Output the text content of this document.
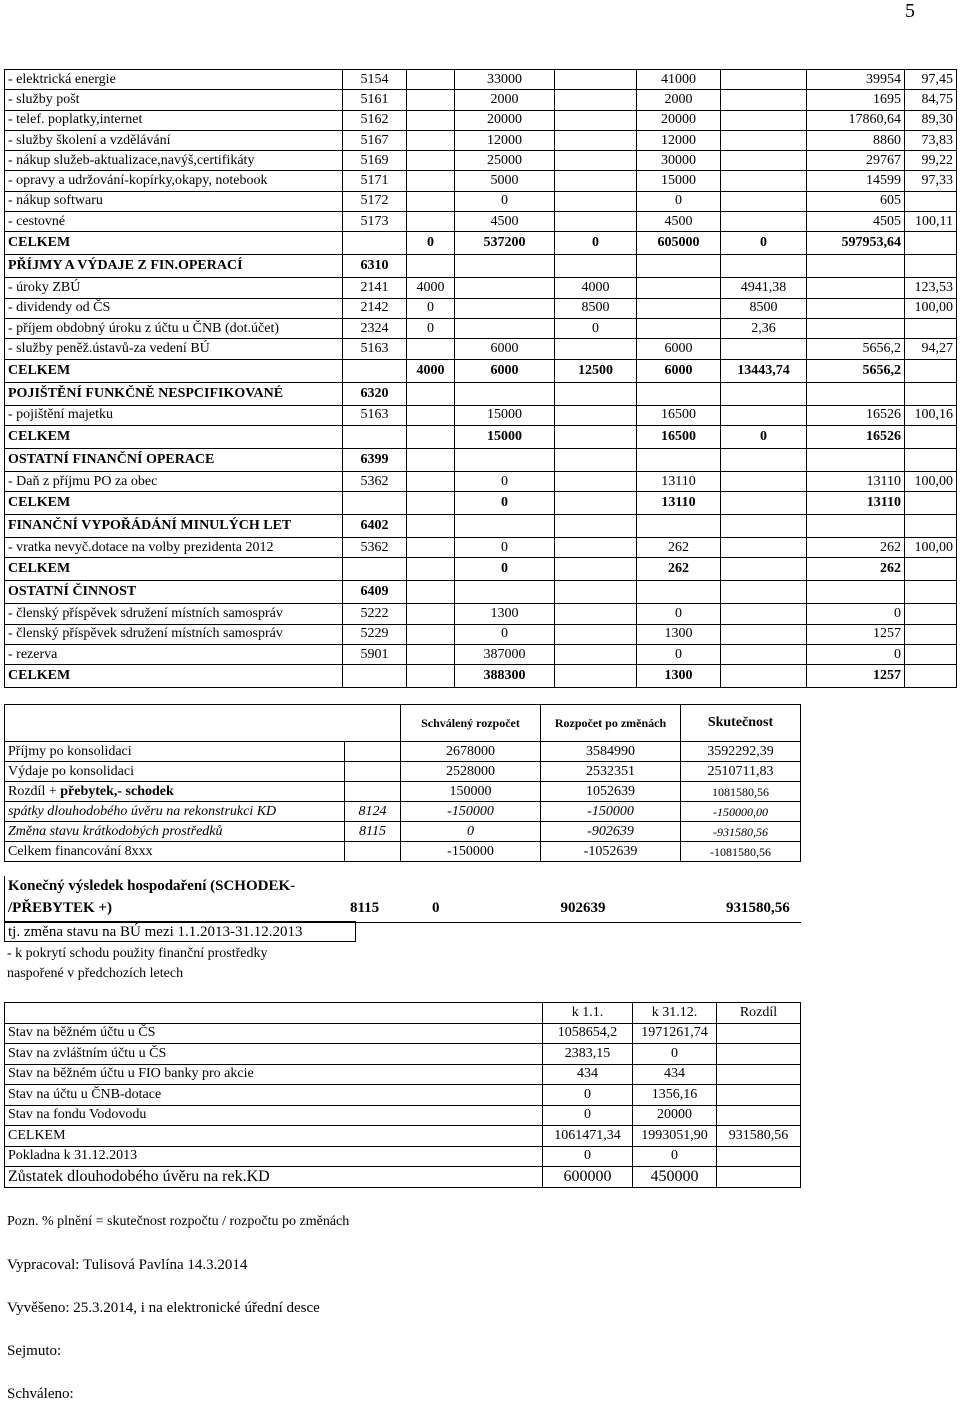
5
- elektrická energie	5154		33000		41000		39954	97,45
- služby pošt	5161		2000		2000		1695	84,75
- telef. poplatky,internet	5162		20000		20000		17860,64	89,30
- služby školení a vzdělávání	5167		12000		12000		8860	73,83
- nákup služeb-aktualizace,navýš,certifikáty	5169		25000		30000		29767	99,22
- opravy a udržování-kopírky,okapy, notebook	5171		5000		15000		14599	97,33
- nákup softwaru	5172		0		0		605	
- cestovné	5173		4500		4500		4505	100,11
CELKEM		0	537200	0	605000	0	597953,64	
PŘÍJMY A VÝDAJE Z FIN.OPERACÍ	6310							
- úroky ZBÚ	2141	4000		4000		4941,38		123,53
- dividendy od ČS	2142	0		8500		8500		100,00
- příjem obdobný úroku z účtu u ČNB (dot.účet)	2324	0		0		2,36		
- služby peněž.ústavů-za vedení BÚ	5163		6000		6000		5656,2	94,27
CELKEM		4000	6000	12500	6000	13443,74	5656,2	
POJIŠTĚNÍ FUNKČNĚ NESPCIFIKOVANÉ	6320							
- pojištění majetku	5163		15000		16500		16526	100,16
CELKEM			15000		16500	0	16526	
OSTATNÍ FINANČNÍ OPERACE	6399							
- Daň z příjmu PO za obec	5362		0		13110		13110	100,00
CELKEM			0		13110		13110	
FINANČNÍ VYPOŘÁDÁNÍ MINULÝCH LET	6402							
- vratka nevyč.dotace na volby prezidenta 2012	5362		0		262		262	100,00
CELKEM			0		262		262	
OSTATNÍ ČINNOST	6409							
- členský příspěvek sdružení místních samospráv	5222		1300		0		0	
- členský příspěvek sdružení místních samospráv	5229		0		1300		1257	
- rezerva	5901		387000		0		0	
CELKEM			388300		1300		1257	
		Schválený rozpočet	Rozpočet po změnách	Skutečnost
Příjmy po konsolidaci		2678000	3584990	3592292,39
Výdaje po konsolidaci		2528000	2532351	2510711,83
Rozdíl + přebytek,- schodek		150000	1052639	1081580,56
spátky dlouhodobého úvěru na rekonstrukci KD	8124	-150000	-150000	-150000,00
Změna stavu krátkodobých prostředků	8115	0	-902639	-931580,56
Celkem financování 8xxx		-150000	-1052639	-1081580,56
Konečný výsledek hospodaření (SCHODEK-
/PŘEBYTEK +)	8115	0	902639	931580,56
tj. změna stavu na BÚ mezi 1.1.2013-31.12.2013
- k pokrytí schodu použity finanční prostředky
naspořené v předchozích letech
	k 1.1.	k 31.12.	Rozdíl
Stav na běžném účtu u ČS	1058654,2	1971261,74	
Stav na zvláštním účtu u ČS	2383,15	0	
Stav na běžném účtu u FIO banky pro akcie	434	434	
Stav na účtu u ČNB-dotace	0	1356,16	
Stav na fondu Vodovodu	0	20000	
CELKEM	1061471,34	1993051,90	931580,56
Pokladna k 31.12.2013	0	0	
Zůstatek dlouhodobého úvěru na rek.KD	600000	450000	
Pozn. % plnění = skutečnost rozpočtu / rozpočtu po změnách
Vypracoval: Tulisová Pavlína 14.3.2014
Vyvěšeno: 25.3.2014, i na elektronické úřední desce
Sejmuto:
Schváleno:
